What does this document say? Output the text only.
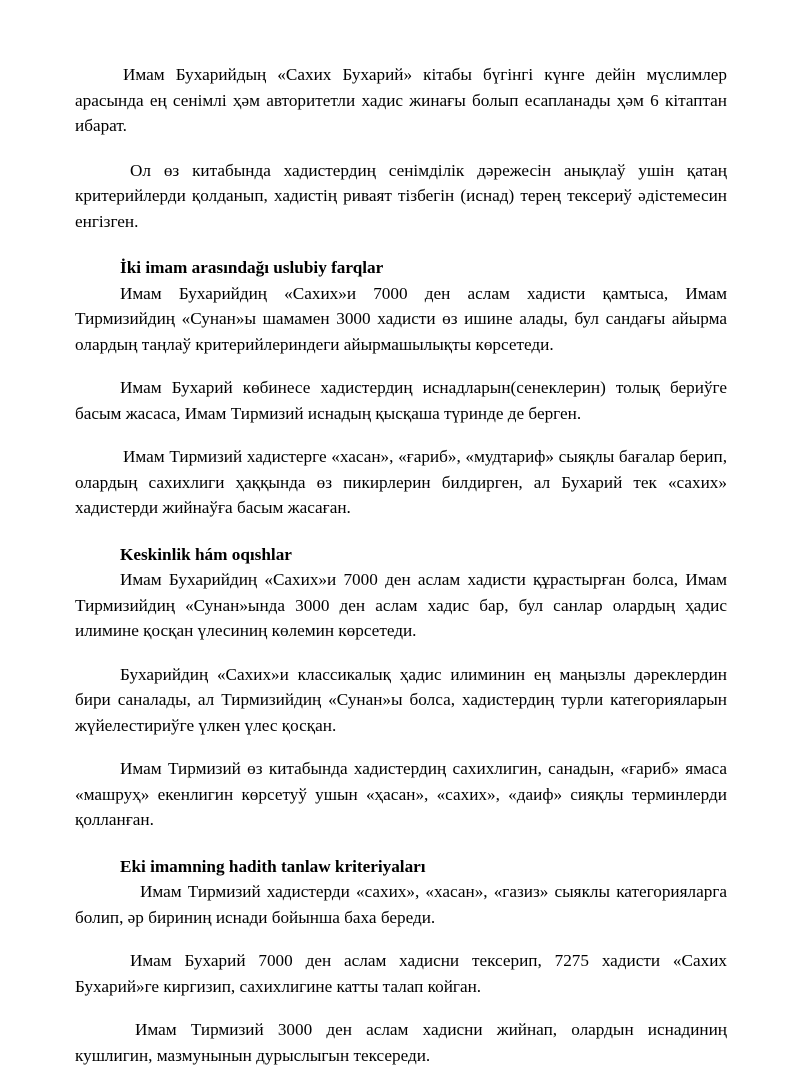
Имам Бухарийдың «Сахих Бухарий» кітабы бүгінгі күнге дейін мүслимлер арасында ең сенімлі ҳәм авторитетли хадис жинағы болып есапланады ҳәм 6 кітаптан ибарат.

Ол өз китабында хадистердиң сенімділік дәрежесін анықлаў ушін қатаң критерийлерди қолданып, хадистің риваят тізбегін (иснад) терең тексериў әдістемесин енгізген.

İki imam arasındağı uslubiy farqlar

Имам Бухарийдиң «Сахих»и 7000 ден аслам хадисти қамтыса, Имам Тирмизийдиң «Сунан»ы шамамен 3000 хадисти өз ишине алады, бул сандағы айырма олардың таңлаў критерийлериндеги айырмашылықты көрсетеди.

Имам Бухарий көбинесе хадистердиң иснадларын(сенеклерин) толық бериўге басым жасаса, Имам Тирмизий иснадың қысқаша түринде де берген.

Имам Тирмизий хадистерге «хасан», «ғариб», «мудтариф» сыяқлы бағалар берип, олардың сахихлиги ҳаққында өз пикирлерин билдирген, ал Бухарий тек «сахих» хадистерди жийнаўға басым жасаған.

Keskinlik hám oqıshlar

Имам Бухарийдиң «Сахих»и 7000 ден аслам хадисти құрастырған болса, Имам Тирмизийдиң «Сунан»ында 3000 ден аслам хадис бар, бул санлар олардың ҳадис илимине қосқан үлесиниң көлемин көрсетеди.

Бухарийдиң «Сахих»и классикалық ҳадис илиминин ең маңызлы дәреклердин бири саналады, ал Тирмизийдиң «Сунан»ы болса, хадистердиң турли категорияларын жүйелестириўге үлкен үлес қосқан.

Имам Тирмизий өз китабында хадистердиң сахихлигин, санадын, «ғариб» ямаса «машруҳ» екенлигин көрсетуў ушын «ҳасан», «сахих», «даиф» сияқлы терминлерди қолланған.

Eki imamning hadith tanlaw kriteriyaları

Имам Тирмизий хадистерди «сахих», «хасан», «газиз» сыяклы категорияларга болип, әр бириниң иснади бойынша баха береди.

Имам Бухарий 7000 ден аслам хадисни тексерип, 7275 хадисти «Сахих Бухарий»ге киргизип, сахихлигине катты талап койган.

Имам Тирмизий 3000 ден аслам хадисни жийнап, олардын иснадиниң кушлигин, мазмунынын дурыслыгын тексереди.
